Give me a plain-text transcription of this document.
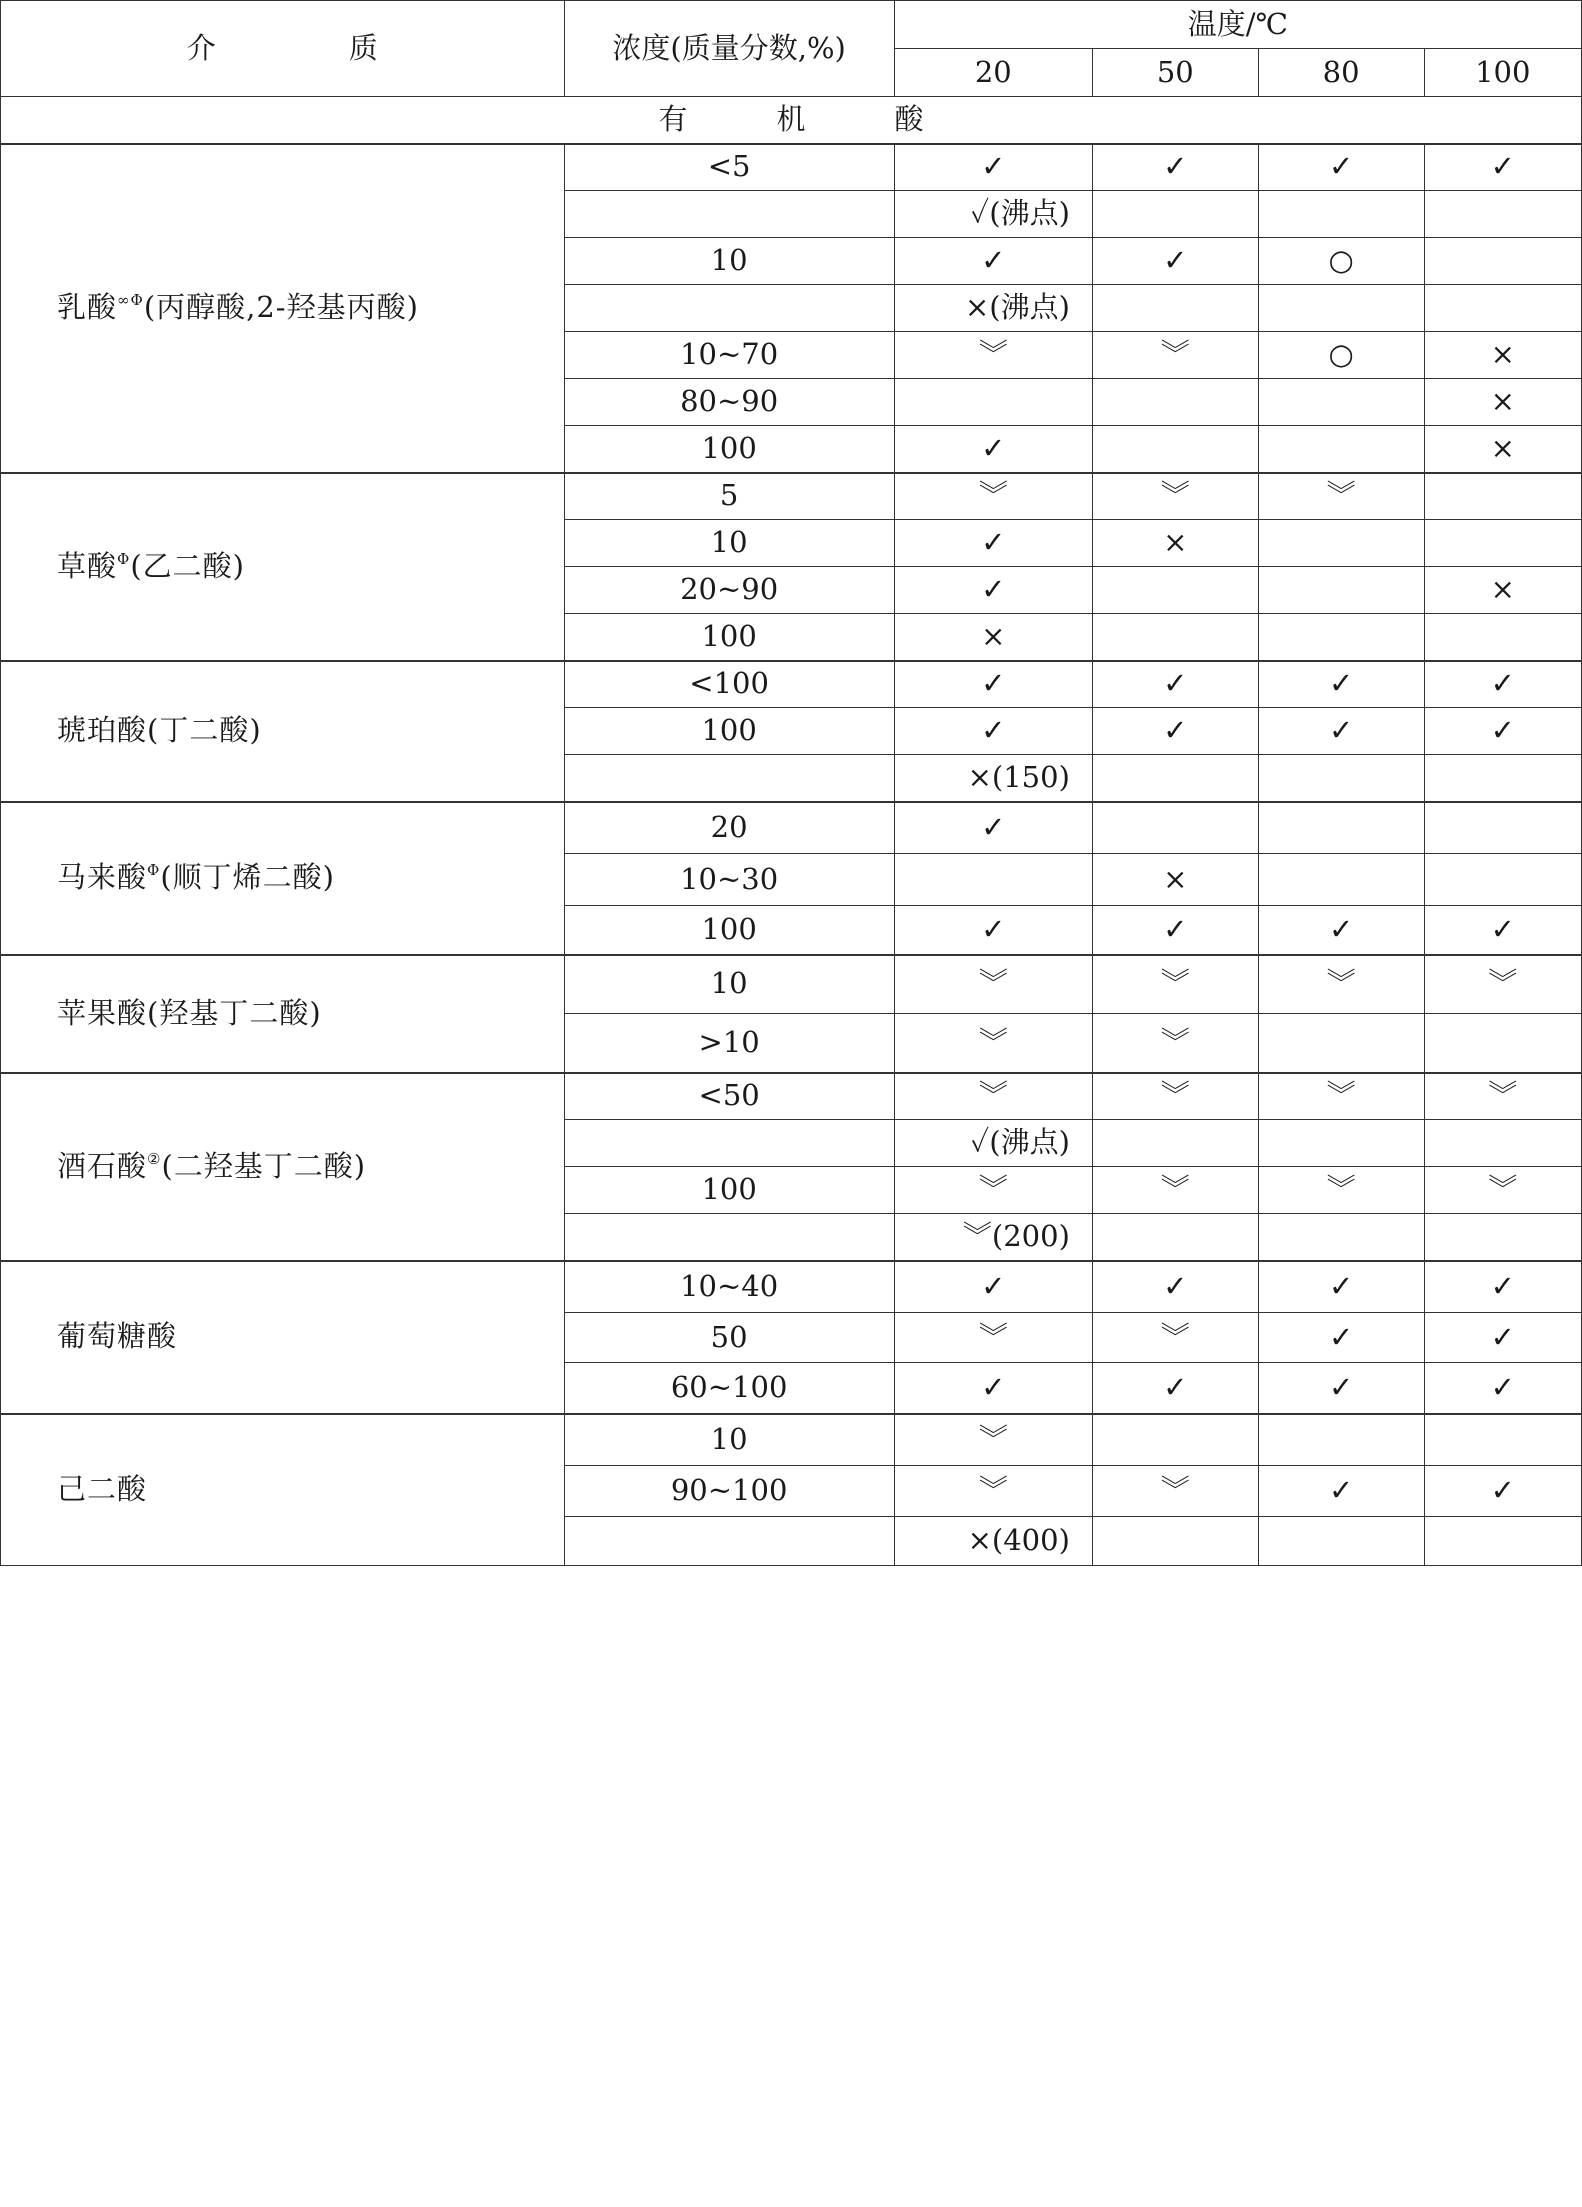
介　质	浓度(质量分数,%)	温度/℃			
		20	50	80	100
有　机　酸					
乳酸$^{\infty\Phi}$(丙醇酸,2-羟基丙酸)	<5	✓	✓	✓	✓
		✓(沸点)			
	10	✓	✓	○	
		×(沸点)			
	10~70	︾	︾	○	×
	80~90				×
	100	✓			×
草酸$^\Phi$(乙二酸)	5	︾	︾	︾	
	10	✓	×		
	20~90	✓			×
	100	×			
琥珀酸(丁二酸)	<100	✓	✓	✓	✓
	100	✓	✓	✓	✓
		×(150)			
马来酸$^\Phi$(顺丁烯二酸)	20	✓			
	10~30		×		
	100	✓	✓	✓	✓
苹果酸(羟基丁二酸)	10	︾	︾	︾	︾
	>10	︾	︾		
酒石酸②(二羟基丁二酸)	<50	︾	︾	︾	︾
		✓(沸点)			
	100	︾	︾	︾	︾
		︾(200)			
葡萄糖酸	10~40	✓	✓	✓	✓
	50	︾	︾	✓	✓
	60~100	✓	✓	✓	✓
己二酸	10	︾			
	90~100	︾	︾	✓	✓
		×(400)			
